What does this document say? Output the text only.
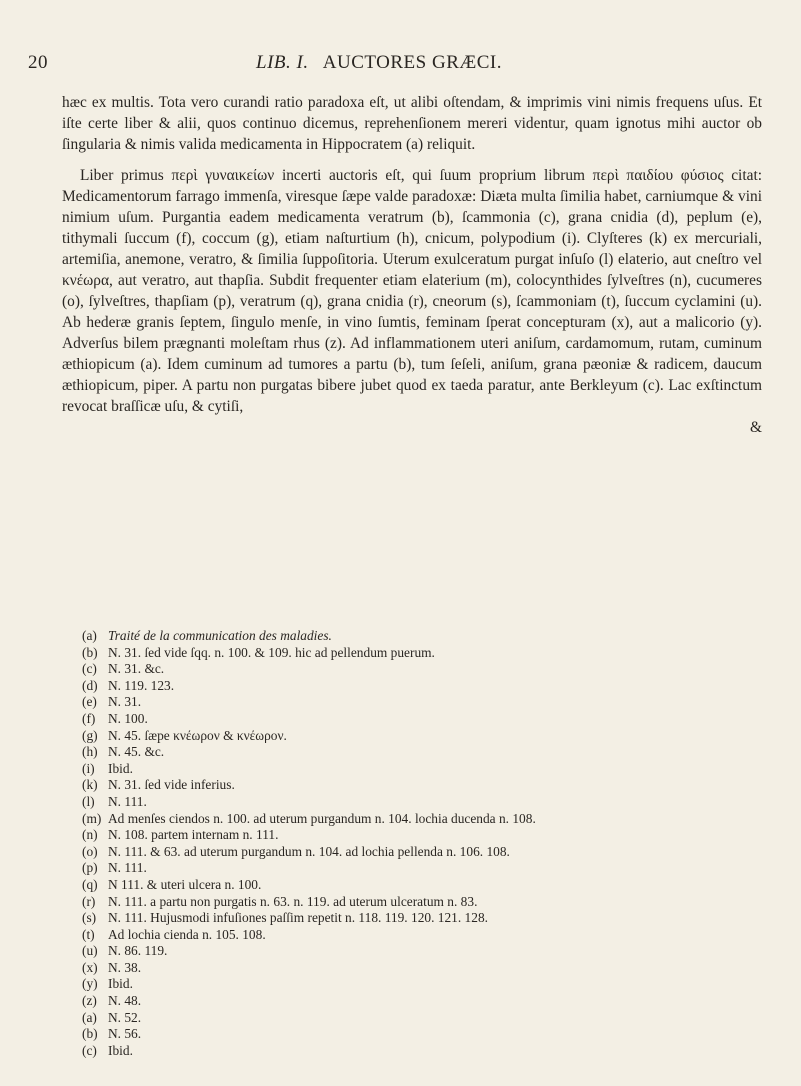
20	LIB. I. AUCTORES GRÆCI.

hæc ex multis. Tota vero curandi ratio paradoxa eſt, ut alibi oſtendam, & imprimis vini nimis frequens uſus. Et iſte certe liber & alii, quos continuo dicemus, reprehenſionem mereri videntur, quam ignotus mihi auctor ob ſingularia & nimis valida medicamenta in Hippocratem (a) reliquit.

Liber primus περὶ γυναικείων incerti auctoris eſt, qui ſuum proprium librum περὶ παιδίου φύσιος citat: Medicamentorum farrago immenſa, viresque ſæpe valde paradoxæ: Diæta multa ſimilia habet, carniumque & vini nimium uſum. Purgantia eadem medicamenta veratrum (b), ſcammonia (c), grana cnidia (d), peplum (e), tithymali ſuccum (f), coccum (g), etiam naſturtium (h), cnicum, polypodium (i). Clyſteres (k) ex mercuriali, artemiſia, anemone, veratro, & ſimilia ſuppoſitoria. Uterum exulceratum purgat inſuſo (l) elaterio, aut cneſtro vel κνέωρα, aut veratro, aut thapſia. Subdit frequenter etiam elaterium (m), colocynthides ſylveſtres (n), cucumeres (o), ſylveſtres, thapſiam (p), veratrum (q), grana cnidia (r), cneorum (s), ſcammoniam (t), ſuccum cyclamini (u). Ab hederæ granis ſeptem, ſingulo menſe, in vino ſumtis, feminam ſperat concepturam (x), aut a malicorio (y). Adverſus bilem prægnanti moleſtam rhus (z). Ad inflammationem uteri aniſum, cardamomum, rutam, cuminum æthiopicum (a). Idem cuminum ad tumores a partu (b), tum ſeſeli, aniſum, grana pæoniæ & radicem, daucum æthiopicum, piper. A partu non purgatas bibere jubet quod ex taeda paratur, ante Berkleyum (c). Lac exſtinctum revocat braſſicæ uſu, & cytiſi,

&
(a) Traité de la communication des maladies.
(b) N. 31. ſed vide ſqq. n. 100. & 109. hic ad pellendum puerum.
(c) N. 31. &c.
(d) N. 119. 123.
(e) N. 31.
(f) N. 100.
(g) N. 45. ſæpe κνέωρον & κνέωρον.
(h) N. 45. &c.
(i) Ibid.
(k) N. 31. ſed vide inferius.
(l) N. 111.
(m) Ad menſes ciendos n. 100. ad uterum purgandum n. 104. lochia ducenda n. 108.
(n) N. 108. partem internam n. 111.
(o) N. 111. & 63. ad uterum purgandum n. 104. ad lochia pellenda n. 106. 108.
(p) N. 111.
(q) N 111. & uteri ulcera n. 100.
(r) N. 111. a partu non purgatis n. 63. n. 119. ad uterum ulceratum n. 83.
(s) N. 111. Hujusmodi infuſiones paſſim repetit n. 118. 119. 120. 121. 128.
(t) Ad lochia cienda n. 105. 108.
(u) N. 86. 119.
(x) N. 38.
(y) Ibid.
(z) N. 48.
(a) N. 52.
(b) N. 56.
(c) Ibid.
